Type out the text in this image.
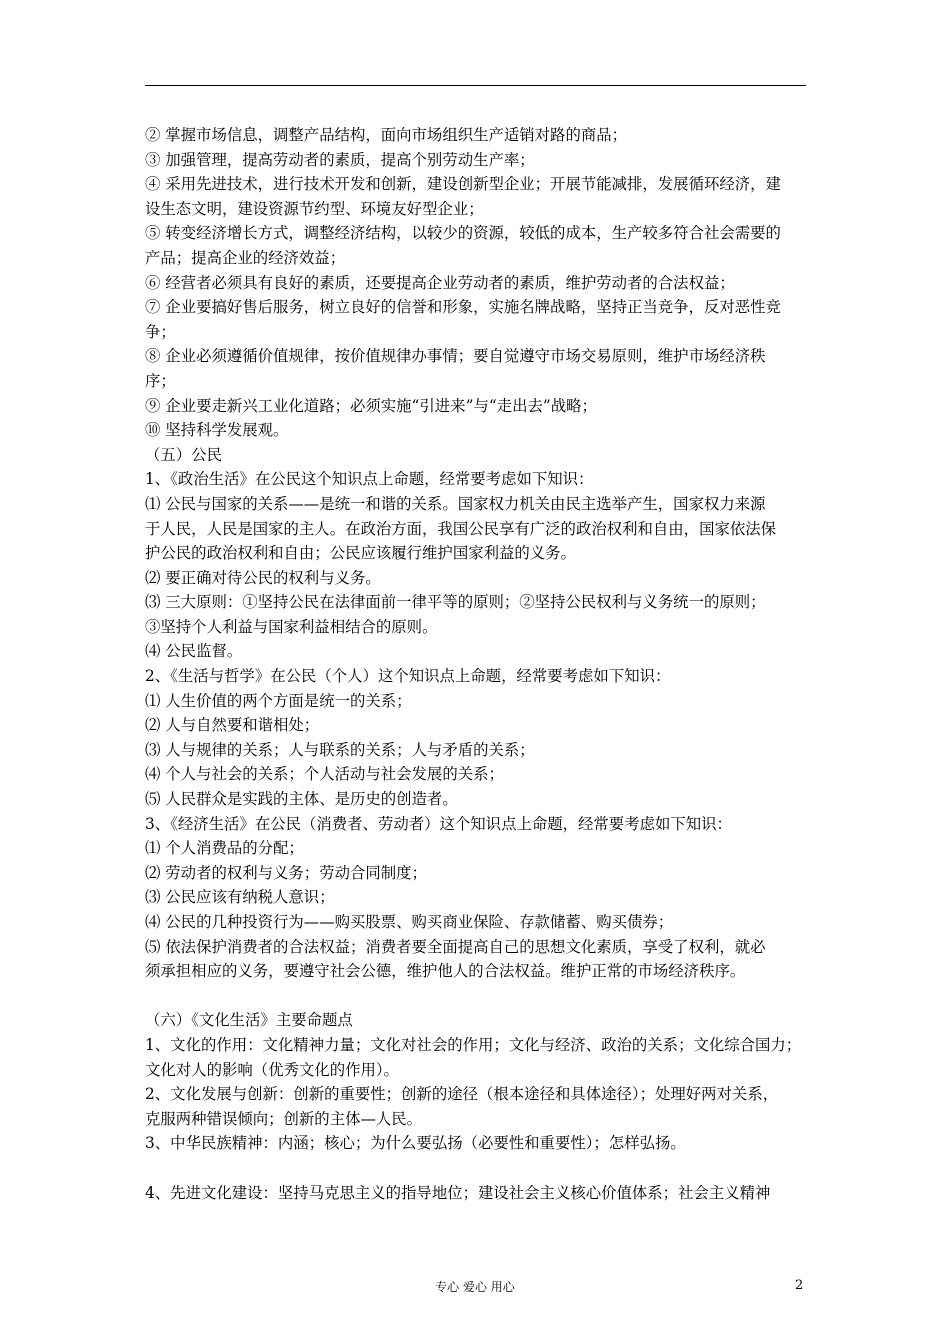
② 掌握市场信息，调整产品结构，面向市场组织生产适销对路的商品；
③ 加强管理，提高劳动者的素质，提高个别劳动生产率；
④ 采用先进技术，进行技术开发和创新，建设创新型企业；开展节能减排，发展循环经济，建
设生态文明，建设资源节约型、环境友好型企业；
⑤ 转变经济增长方式，调整经济结构，以较少的资源，较低的成本，生产较多符合社会需要的
产品；提高企业的经济效益；
⑥ 经营者必须具有良好的素质，还要提高企业劳动者的素质，维护劳动者的合法权益；
⑦ 企业要搞好售后服务，树立良好的信誉和形象，实施名牌战略，坚持正当竞争，反对恶性竞
争；
⑧ 企业必须遵循价值规律，按价值规律办事情；要自觉遵守市场交易原则，维护市场经济秩
序；
⑨ 企业要走新兴工业化道路；必须实施“引进来”与“走出去”战略；
⑩ 坚持科学发展观。
（五）公民
1、《政治生活》在公民这个知识点上命题，经常要考虑如下知识：
⑴ 公民与国家的关系——是统一和谐的关系。国家权力机关由民主选举产生，国家权力来源
于人民，人民是国家的主人。在政治方面，我国公民享有广泛的政治权利和自由，国家依法保
护公民的政治权利和自由；公民应该履行维护国家利益的义务。
⑵ 要正确对待公民的权利与义务。
⑶ 三大原则：①坚持公民在法律面前一律平等的原则；②坚持公民权利与义务统一的原则；
③坚持个人利益与国家利益相结合的原则。
⑷ 公民监督。
2、《生活与哲学》在公民（个人）这个知识点上命题，经常要考虑如下知识：
⑴ 人生价值的两个方面是统一的关系；
⑵ 人与自然要和谐相处；
⑶ 人与规律的关系；人与联系的关系；人与矛盾的关系；
⑷ 个人与社会的关系；个人活动与社会发展的关系；
⑸ 人民群众是实践的主体、是历史的创造者。
3、《经济生活》在公民（消费者、劳动者）这个知识点上命题，经常要考虑如下知识：
⑴ 个人消费品的分配；
⑵ 劳动者的权利与义务；劳动合同制度；
⑶ 公民应该有纳税人意识；
⑷ 公民的几种投资行为——购买股票、购买商业保险、存款储蓄、购买债券；
⑸ 依法保护消费者的合法权益；消费者要全面提高自己的思想文化素质，享受了权利，就必
须承担相应的义务，要遵守社会公德，维护他人的合法权益。维护正常的市场经济秩序。
（六）《文化生活》主要命题点
1、文化的作用：文化精神力量；文化对社会的作用；文化与经济、政治的关系；文化综合国力；
文化对人的影响（优秀文化的作用）。
2、文化发展与创新：创新的重要性；创新的途径（根本途径和具体途径）；处理好两对关系，
克服两种错误倾向；创新的主体—人民。
3、中华民族精神：内涵；核心；为什么要弘扬（必要性和重要性）；怎样弘扬。
4、先进文化建设：坚持马克思主义的指导地位；建设社会主义核心价值体系；社会主义精神
专心 爱心 用心	2
